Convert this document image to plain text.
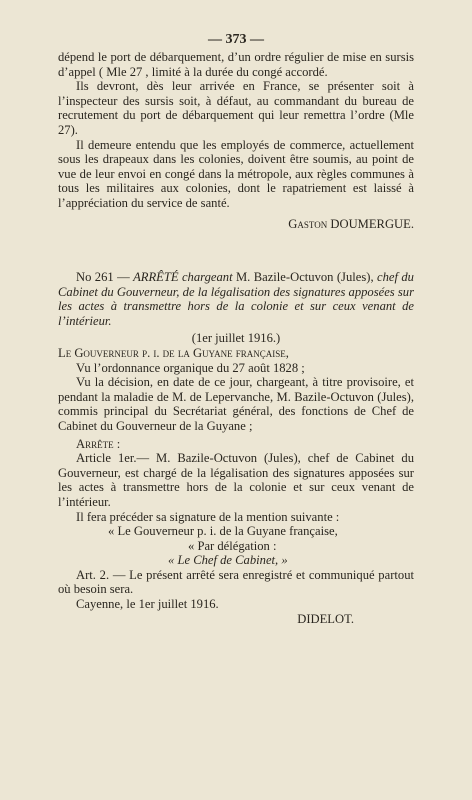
— 373 —

dépend le port de débarquement, d’un ordre régulier de mise en sursis d’appel ( Mle 27 , limité à la durée du congé accordé.

Ils devront, dès leur arrivée en France, se présenter soit à l’inspecteur des sursis soit, à défaut, au commandant du bureau de recrutement du port de débarquement qui leur remettra l’ordre (Mle 27).

Il demeure entendu que les employés de commerce, actuellement sous les drapeaux dans les colonies, doivent être soumis, au point de vue de leur envoi en congé dans la métropole, aux règles communes à tous les militaires aux colonies, dont le rapatriement est laissé à l’appréciation du service de santé.

Gaston DOUMERGUE.

No 261 — ARRÊTÉ chargeant M. Bazile-Octuvon (Jules), chef du Cabinet du Gouverneur, de la légalisation des signatures apposées sur les actes à transmettre hors de la colonie et sur ceux venant de l’intérieur.

(1er juillet 1916.)

Le Gouverneur p. i. de la Guyane française,

Vu l’ordonnance organique du 27 août 1828 ;

Vu la décision, en date de ce jour, chargeant, à titre provisoire, et pendant la maladie de M. de Lepervanche, M. Bazile-Octuvon (Jules), commis principal du Secrétariat général, des fonctions de Chef de Cabinet du Gouverneur de la Guyane ;

Arrête :

Article 1er.— M. Bazile-Octuvon (Jules), chef de Cabinet du Gouverneur, est chargé de la légalisation des signatures apposées sur les actes à transmettre hors de la colonie et sur ceux venant de l’intérieur.

Il fera précéder sa signature de la mention suivante :

« Le Gouverneur p. i. de la Guyane française,

« Par délégation :

« Le Chef de Cabinet, »

Art. 2. — Le présent arrêté sera enregistré et communiqué partout où besoin sera.

Cayenne, le 1er juillet 1916.

DIDELOT.
